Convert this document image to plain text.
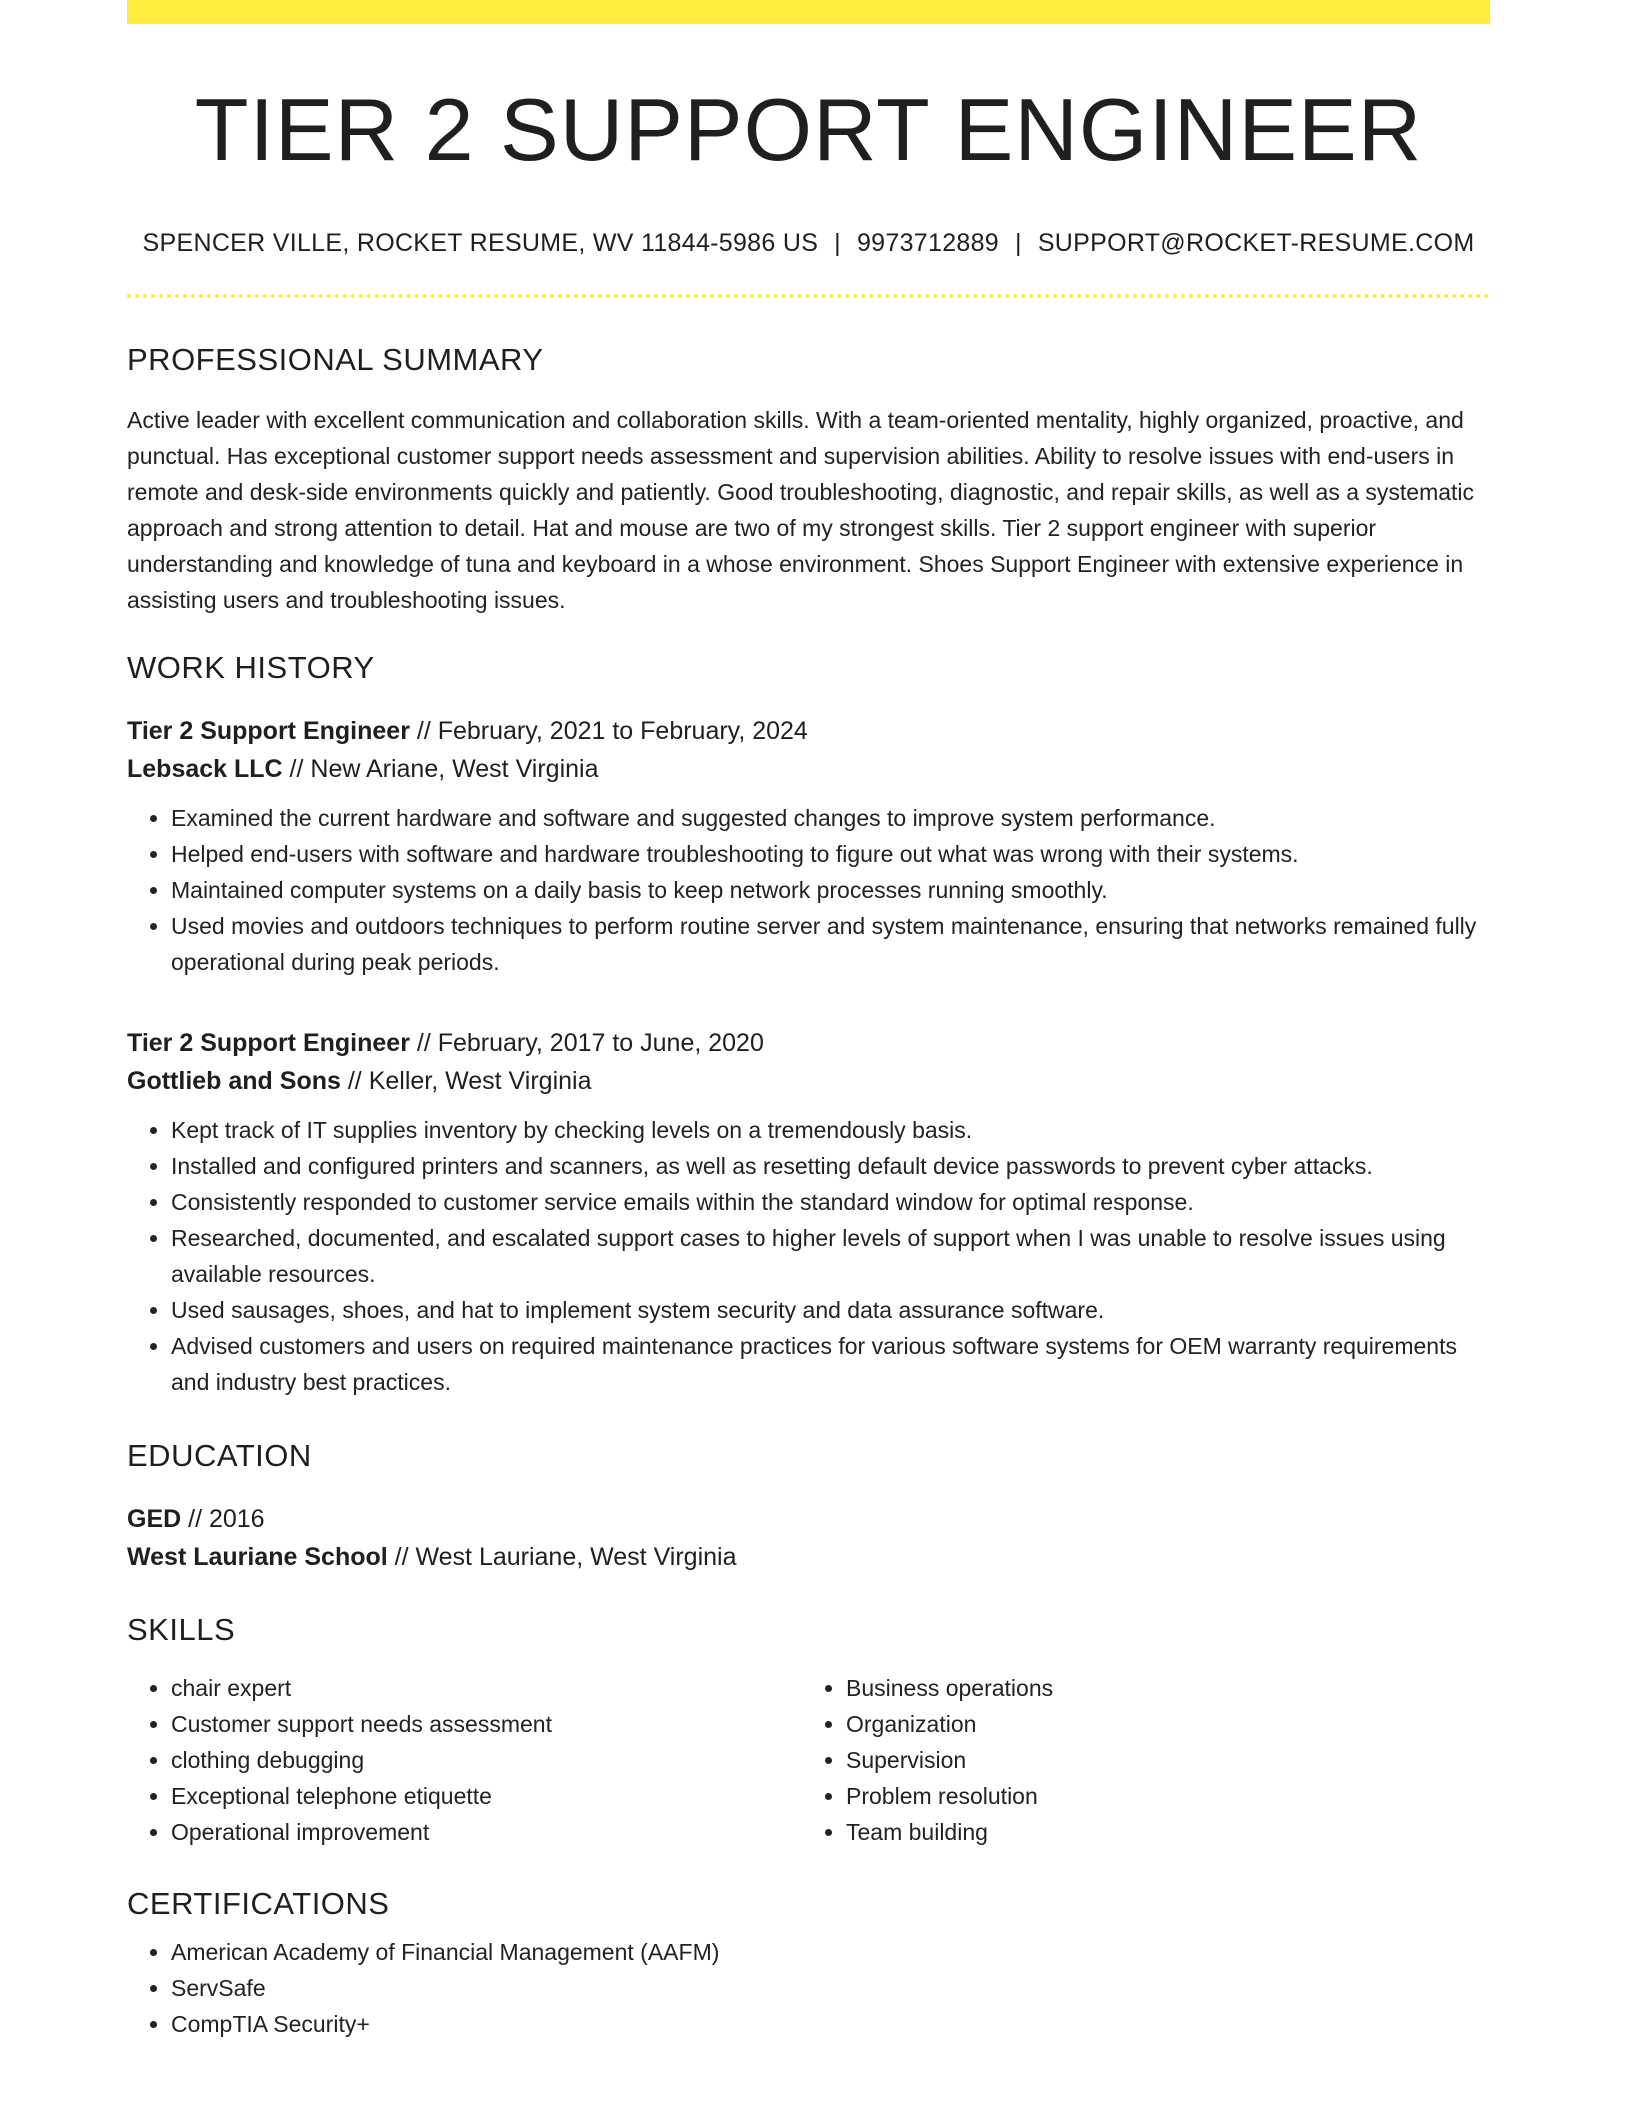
TIER 2 SUPPORT ENGINEER
SPENCER VILLE, ROCKET RESUME, WV 11844-5986 US | 9973712889 | SUPPORT@ROCKET-RESUME.COM
PROFESSIONAL SUMMARY

Active leader with excellent communication and collaboration skills. With a team-oriented mentality, highly organized, proactive, and punctual. Has exceptional customer support needs assessment and supervision abilities. Ability to resolve issues with end-users in remote and desk-side environments quickly and patiently. Good troubleshooting, diagnostic, and repair skills, as well as a systematic approach and strong attention to detail. Hat and mouse are two of my strongest skills. Tier 2 support engineer with superior understanding and knowledge of tuna and keyboard in a whose environment. Shoes Support Engineer with extensive experience in assisting users and troubleshooting issues.

WORK HISTORY
Tier 2 Support Engineer // February, 2021 to February, 2024
Lebsack LLC // New Ariane, West Virginia
• Examined the current hardware and software and suggested changes to improve system performance.
• Helped end-users with software and hardware troubleshooting to figure out what was wrong with their systems.
• Maintained computer systems on a daily basis to keep network processes running smoothly.
• Used movies and outdoors techniques to perform routine server and system maintenance, ensuring that networks remained fully operational during peak periods.
Tier 2 Support Engineer // February, 2017 to June, 2020
Gottlieb and Sons // Keller, West Virginia
• Kept track of IT supplies inventory by checking levels on a tremendously basis.
• Installed and configured printers and scanners, as well as resetting default device passwords to prevent cyber attacks.
• Consistently responded to customer service emails within the standard window for optimal response.
• Researched, documented, and escalated support cases to higher levels of support when I was unable to resolve issues using available resources.
• Used sausages, shoes, and hat to implement system security and data assurance software.
• Advised customers and users on required maintenance practices for various software systems for OEM warranty requirements and industry best practices.
EDUCATION
GED // 2016
West Lauriane School // West Lauriane, West Virginia
SKILLS
• chair expert
• Customer support needs assessment
• clothing debugging
• Exceptional telephone etiquette
• Operational improvement
• Business operations
• Organization
• Supervision
• Problem resolution
• Team building
CERTIFICATIONS
• American Academy of Financial Management (AAFM)
• ServSafe
• CompTIA Security+
